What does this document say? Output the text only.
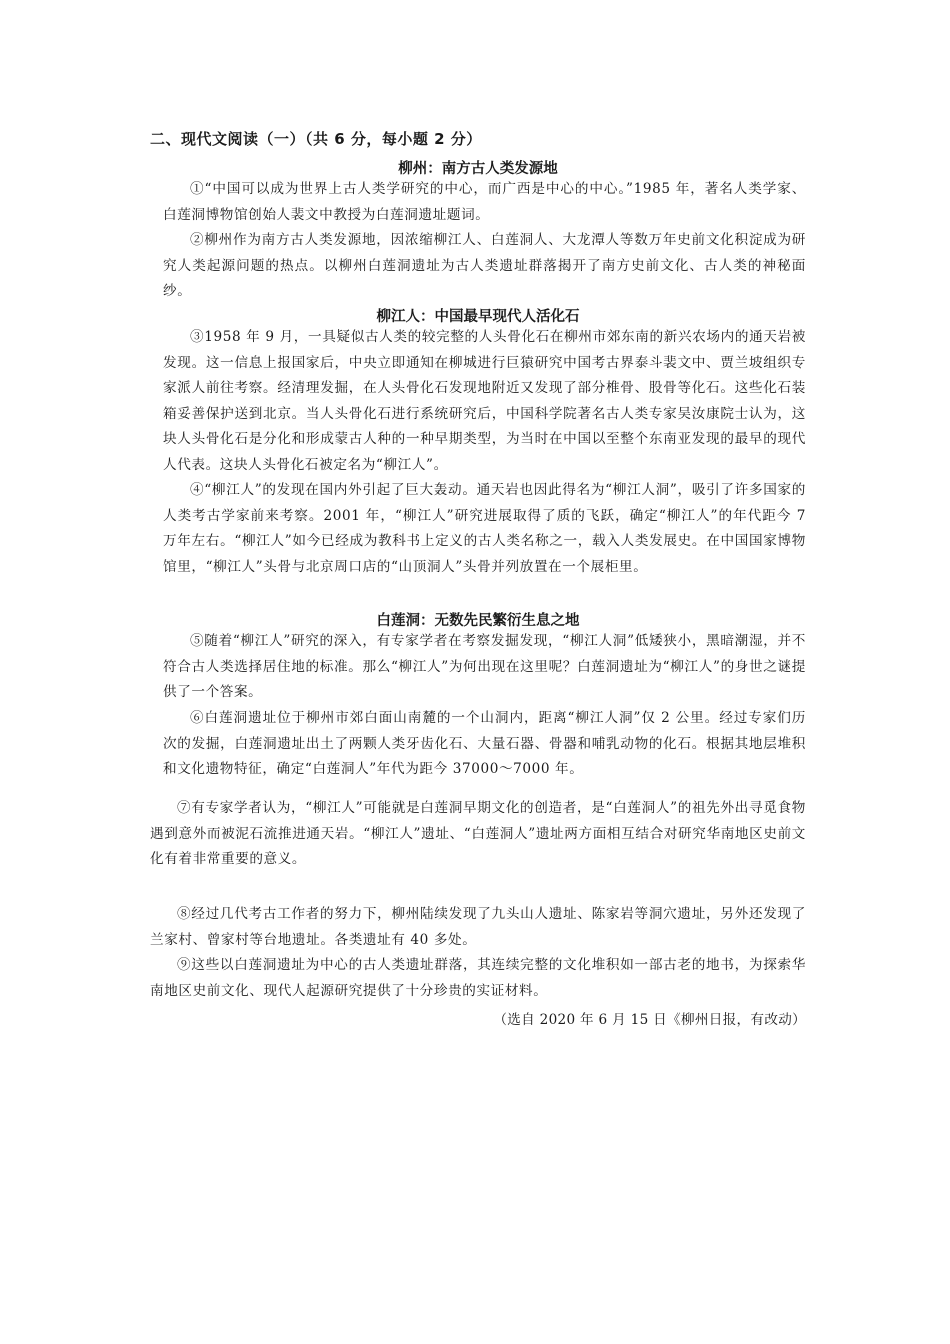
二、现代文阅读（一）（共 6 分，每小题 2 分）
柳州：南方古人类发源地
①“中国可以成为世界上古人类学研究的中心，而广西是中心的中心。”1985 年，著名人类学家、白莲洞博物馆创始人裴文中教授为白莲洞遗址题词。
②柳州作为南方古人类发源地，因浓缩柳江人、白莲洞人、大龙潭人等数万年史前文化积淀成为研究人类起源问题的热点。以柳州白莲洞遗址为古人类遗址群落揭开了南方史前文化、古人类的神秘面纱。
柳江人：中国最早现代人活化石
③1958 年 9 月，一具疑似古人类的较完整的人头骨化石在柳州市郊东南的新兴农场内的通天岩被发现。这一信息上报国家后，中央立即通知在柳城进行巨猿研究中国考古界泰斗裴文中、贾兰坡组织专家派人前往考察。经清理发掘，在人头骨化石发现地附近又发现了部分椎骨、股骨等化石。这些化石装箱妥善保护送到北京。当人头骨化石进行系统研究后，中国科学院著名古人类专家吴汝康院士认为，这块人头骨化石是分化和形成蒙古人种的一种早期类型，为当时在中国以至整个东南亚发现的最早的现代人代表。这块人头骨化石被定名为“柳江人”。
④“柳江人”的发现在国内外引起了巨大轰动。通天岩也因此得名为“柳江人洞”，吸引了许多国家的人类考古学家前来考察。2001 年，“柳江人”研究进展取得了质的飞跃，确定“柳江人”的年代距今 7 万年左右。“柳江人”如今已经成为教科书上定义的古人类名称之一，载入人类发展史。在中国国家博物馆里，“柳江人”头骨与北京周口店的“山顶洞人”头骨并列放置在一个展柜里。
白莲洞：无数先民繁衍生息之地
⑤随着“柳江人”研究的深入，有专家学者在考察发掘发现，“柳江人洞”低矮狭小，黑暗潮湿，并不符合古人类选择居住地的标准。那么“柳江人”为何出现在这里呢？白莲洞遗址为“柳江人”的身世之谜提供了一个答案。
⑥白莲洞遗址位于柳州市郊白面山南麓的一个山洞内，距离“柳江人洞”仅 2 公里。经过专家们历次的发掘，白莲洞遗址出土了两颗人类牙齿化石、大量石器、骨器和哺乳动物的化石。根据其地层堆积和文化遗物特征，确定“白莲洞人”年代为距今 37000～7000 年。
⑦有专家学者认为，“柳江人”可能就是白莲洞早期文化的创造者，是“白莲洞人”的祖先外出寻觅食物遇到意外而被泥石流推进通天岩。“柳江人”遗址、“白莲洞人”遗址两方面相互结合对研究华南地区史前文化有着非常重要的意义。
⑧经过几代考古工作者的努力下，柳州陆续发现了九头山人遗址、陈家岩等洞穴遗址，另外还发现了兰家村、曾家村等台地遗址。各类遗址有 40 多处。
⑨这些以白莲洞遗址为中心的古人类遗址群落，其连续完整的文化堆积如一部古老的地书，为探索华南地区史前文化、现代人起源研究提供了十分珍贵的实证材料。
（选自 2020 年 6 月 15 日《柳州日报，有改动）
